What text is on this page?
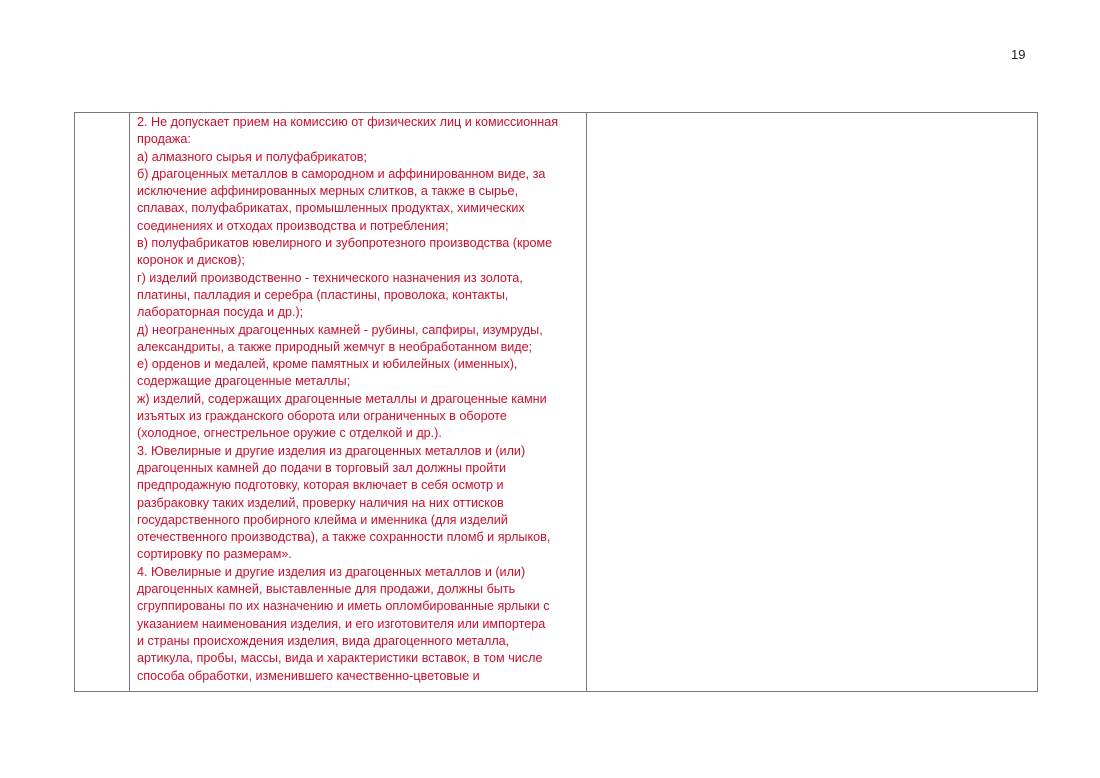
19

2. Не допускает прием на комиссию от физических лиц и комиссионная
продажа:
а) алмазного сырья и полуфабрикатов;
б) драгоценных металлов в самородном и аффинированном виде, за
исключение аффинированных мерных слитков, а также в сырье,
сплавах, полуфабрикатах, промышленных продуктах, химических
соединениях и отходах производства и потребления;
в) полуфабрикатов ювелирного и зубопротезного производства (кроме
коронок и дисков);
г) изделий производственно - технического назначения из золота,
платины, палладия и серебра (пластины, проволока, контакты,
лабораторная посуда и др.);
д) неограненных драгоценных камней - рубины, сапфиры, изумруды,
александриты, а также природный жемчуг в необработанном виде;
е) орденов и медалей, кроме памятных и юбилейных (именных),
содержащие драгоценные металлы;
ж) изделий, содержащих драгоценные металлы и драгоценные камни
изъятых из гражданского оборота или ограниченных в обороте
(холодное, огнестрельное оружие с отделкой и др.).
3. Ювелирные и другие изделия из драгоценных металлов и (или)
драгоценных камней до подачи в торговый зал должны пройти
предпродажную подготовку, которая включает в себя осмотр и
разбраковку таких изделий, проверку наличия на них оттисков
государственного пробирного клейма и именника (для изделий
отечественного производства), а также сохранности пломб и ярлыков,
сортировку по размерам».
4. Ювелирные и другие изделия из драгоценных металлов и (или)
драгоценных камней, выставленные для продажи, должны быть
сгруппированы по их назначению и иметь опломбированные ярлыки с
указанием наименования изделия, и его изготовителя или импортера
и страны происхождения изделия, вида драгоценного металла,
артикула, пробы, массы, вида и характеристики вставок, в том числе
способа обработки, изменившего качественно-цветовые и
